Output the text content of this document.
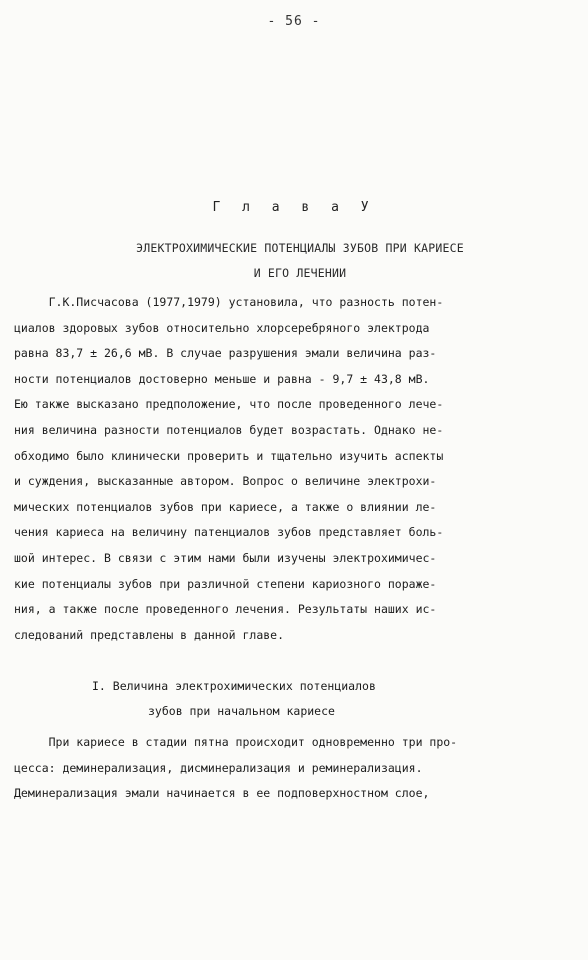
- 56 -
Г л а в а У
ЭЛЕКТРОХИМИЧЕСКИЕ ПОТЕНЦИАЛЫ ЗУБОВ ПРИ КАРИЕСЕ
И ЕГО ЛЕЧЕНИИ
Г.К.Писчасова (1977,1979) установила, что разность потен-
циалов здоровых зубов относительно хлорсеребряного электрода
равна 83,7 ± 26,6 мВ. В случае разрушения эмали величина раз-
ности потенциалов достоверно меньше и равна - 9,7 ± 43,8 мВ.
Ею также высказано предположение, что после проведенного лече-
ния величина разности потенциалов будет возрастать. Однако не-
обходимо было клинически проверить и тщательно изучить аспекты
и суждения, высказанные автором. Вопрос о величине электрохи-
мических потенциалов зубов при кариесе, а также о влиянии ле-
чения кариеса на величину патенциалов зубов представляет боль-
шой интерес. В связи с этим нами были изучены электрохимичес-
кие потенциалы зубов при различной степени кариозного пораже-
ния, а также после проведенного лечения. Результаты наших ис-
следований представлены в данной главе.
I. Величина электрохимических потенциалов
зубов при начальном кариесе
При кариесе в стадии пятна происходит одновременно три про-
цесса: деминерализация, дисминерализация и реминерализация.
Деминерализация эмали начинается в ее подповерхностном слое,
